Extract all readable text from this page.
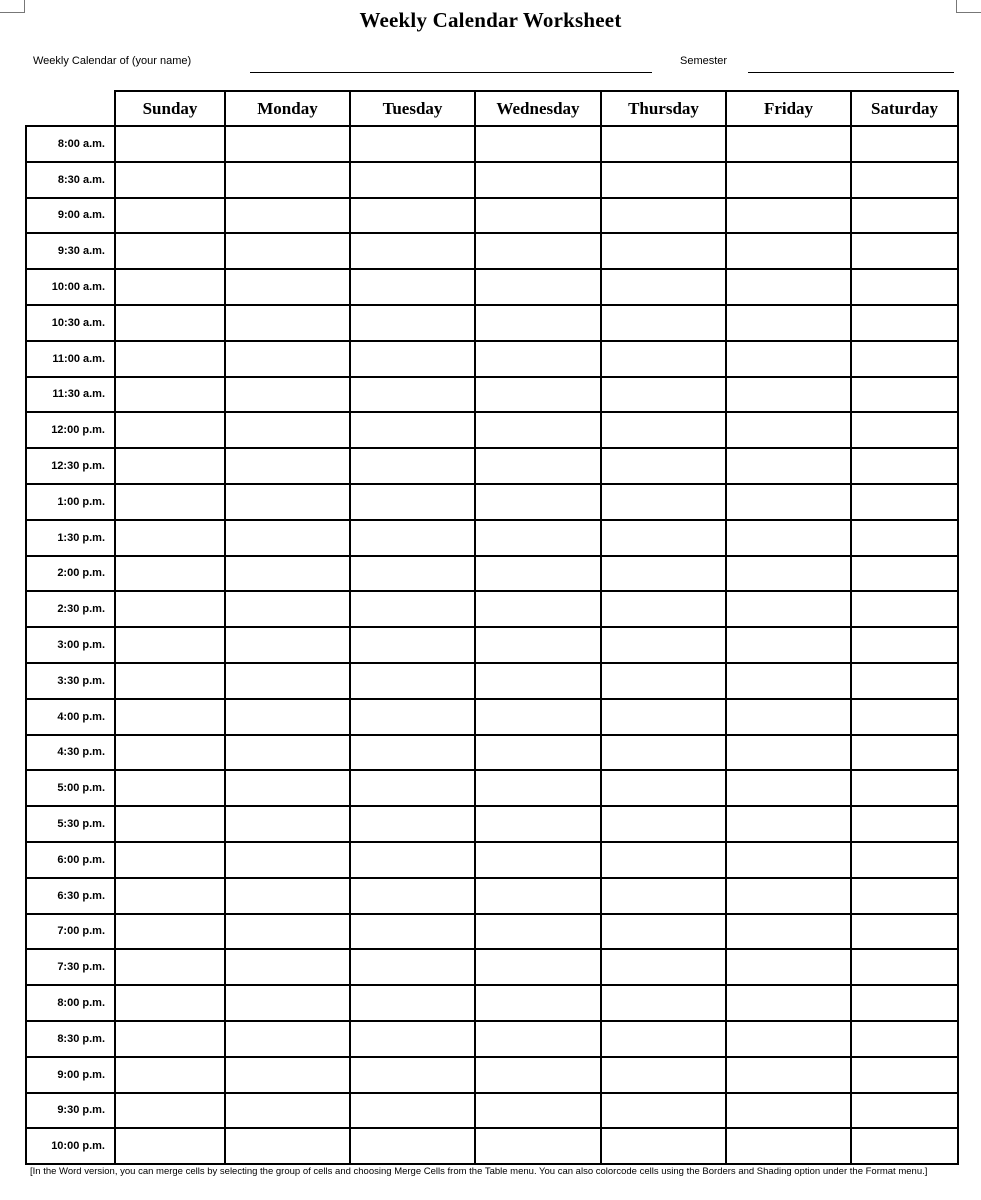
Weekly Calendar Worksheet
Weekly Calendar of (your name)	Semester
	Sunday	Monday	Tuesday	Wednesday	Thursday	Friday	Saturday
8:00 a.m.							
8:30 a.m.							
9:00 a.m.							
9:30 a.m.							
10:00 a.m.							
10:30 a.m.							
11:00 a.m.							
11:30 a.m.							
12:00 p.m.							
12:30 p.m.							
1:00 p.m.							
1:30 p.m.							
2:00 p.m.							
2:30 p.m.							
3:00 p.m.							
3:30 p.m.							
4:00 p.m.							
4:30 p.m.							
5:00 p.m.							
5:30 p.m.							
6:00 p.m.							
6:30 p.m.							
7:00 p.m.							
7:30 p.m.							
8:00 p.m.							
8:30 p.m.							
9:00 p.m.							
9:30 p.m.							
10:00 p.m.							
[In the Word version, you can merge cells by selecting the group of cells and choosing Merge Cells from the Table menu. You can also colorcode cells using the Borders and Shading option under the Format menu.]
